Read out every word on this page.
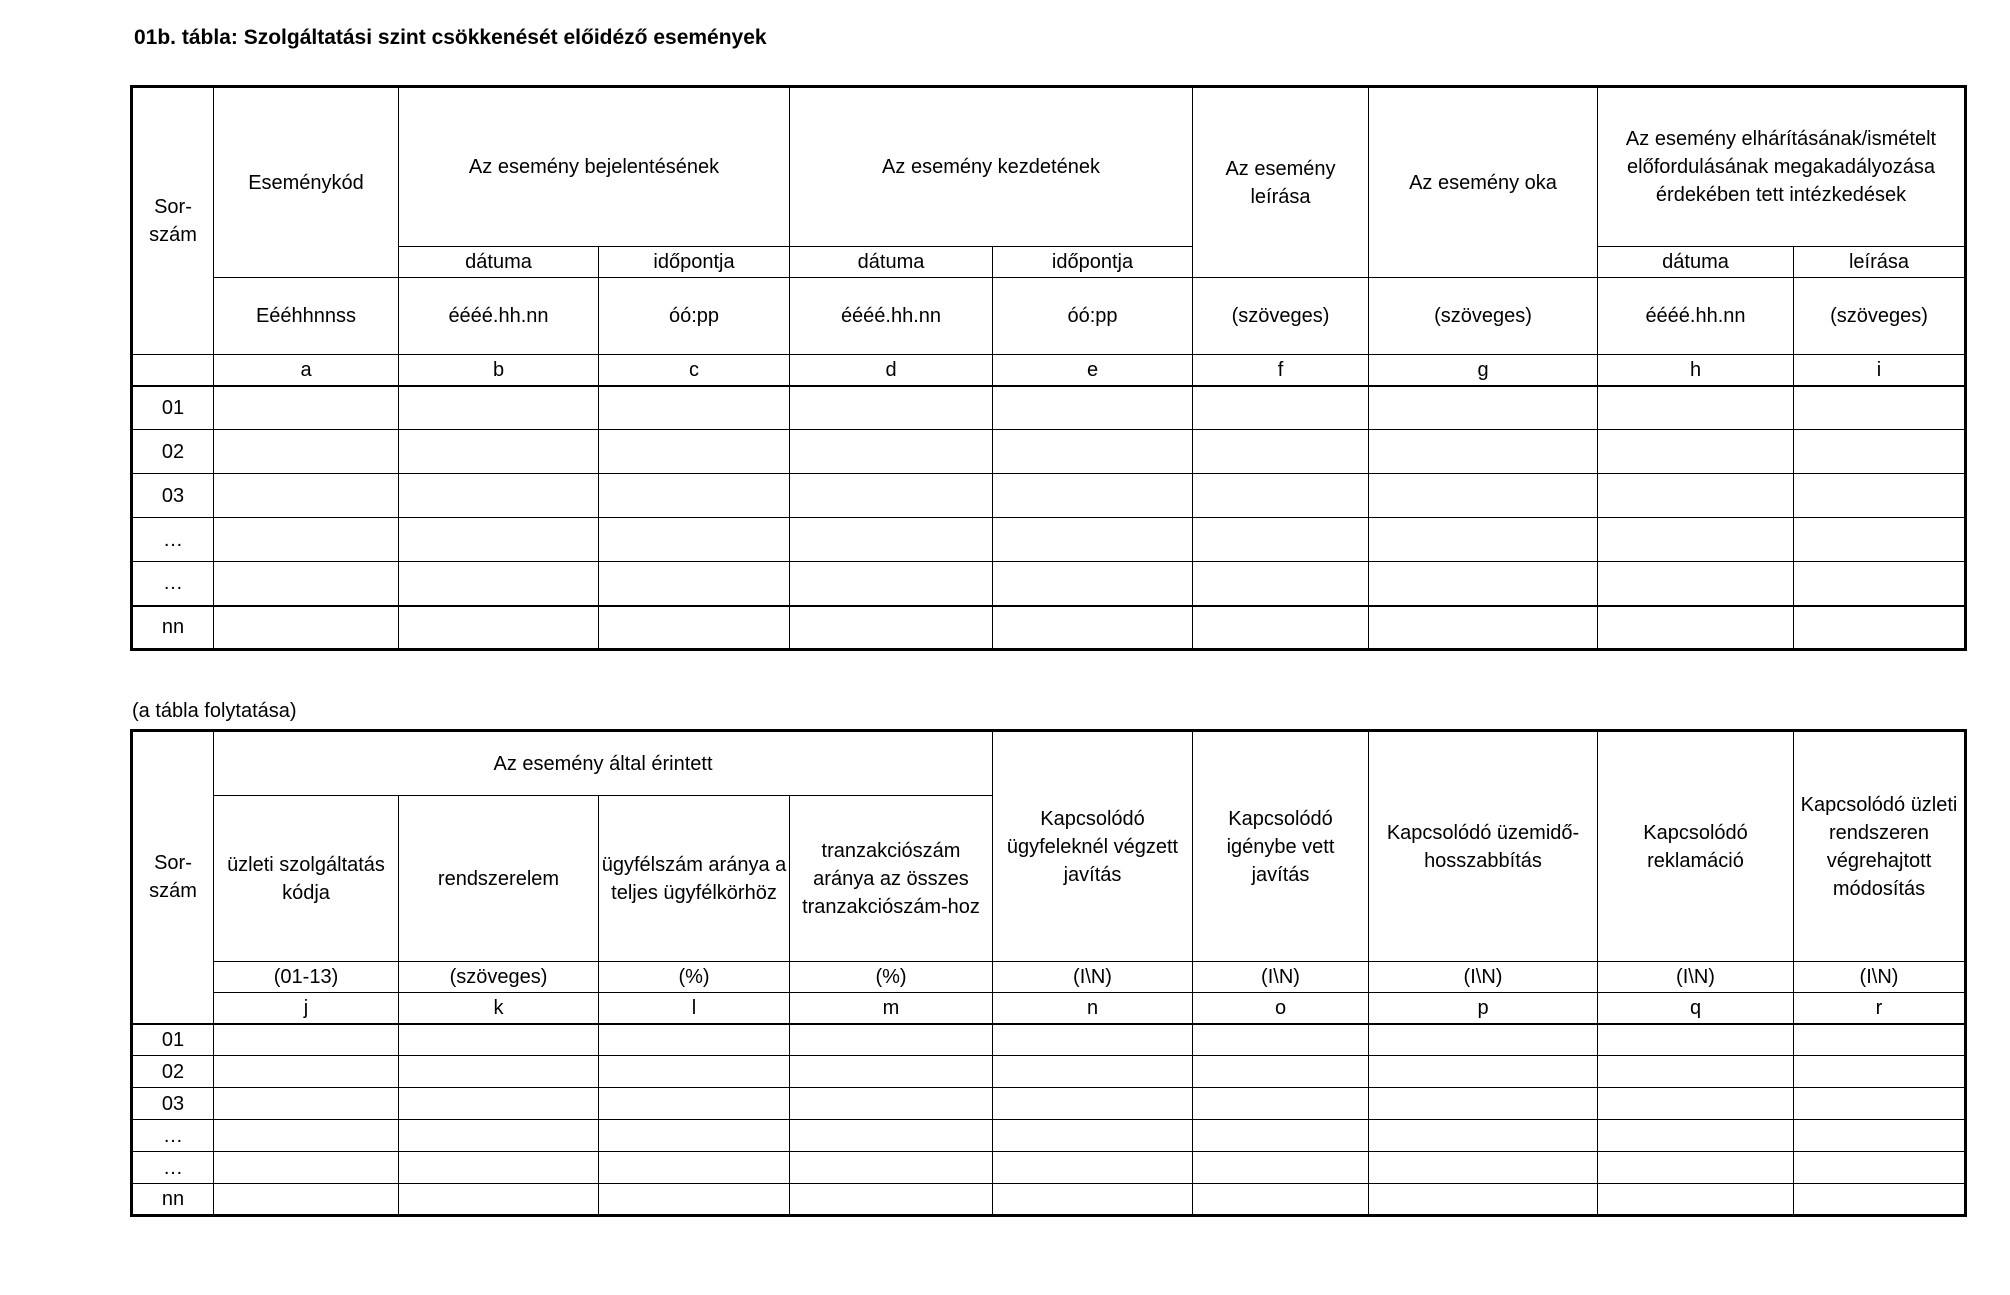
01b. tábla: Szolgáltatási szint csökkenését előidéző események
Sor-
szám	Eseménykód	Az esemény bejelentésének		Az esemény kezdetének		Az esemény leírása	Az esemény oka	Az esemény elhárításának/ismételt előfordulásának megakadályozása érdekében tett intézkedések	
		dátuma	időpontja	dátuma	időpontja			dátuma	leírása
	Eééhhnnss	éééé.hh.nn	óó:pp	éééé.hh.nn	óó:pp	(szöveges)	(szöveges)	éééé.hh.nn	(szöveges)
	a	b	c	d	e	f	g	h	i
01									
02									
03									
…									
…									
nn									
(a tábla folytatása)
Sor-
szám	Az esemény által érintett				Kapcsolódó ügyfeleknél végzett javítás	Kapcsolódó igénybe vett javítás	Kapcsolódó üzemidő-hosszabbítás	Kapcsolódó reklamáció	Kapcsolódó üzleti rendszeren végrehajtott módosítás
	üzleti szolgáltatás kódja	rendszerelem	ügyfélszám aránya a teljes ügyfélkörhöz	tranzakciószám aránya az összes tranzakciószám-hoz					
	(01-13)	(szöveges)	(%)	(%)	(I\N)	(I\N)	(I\N)	(I\N)	(I\N)
	j	k	l	m	n	o	p	q	r
01									
02									
03									
…									
…									
nn									
